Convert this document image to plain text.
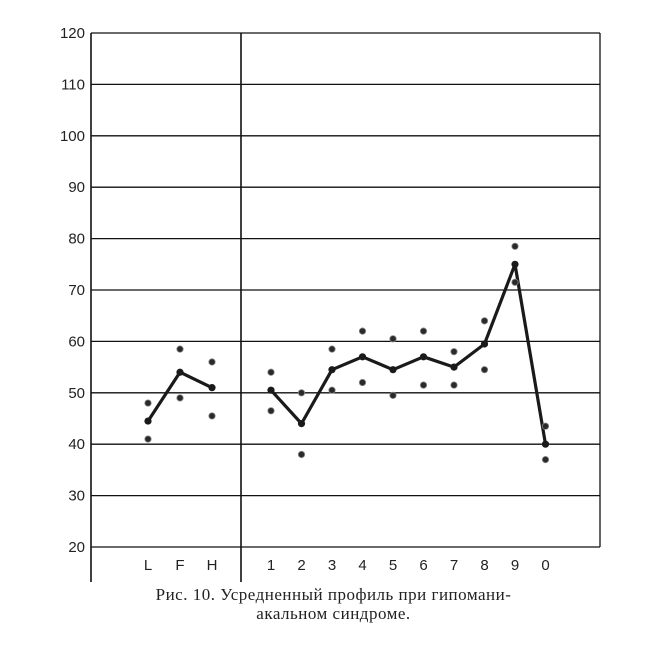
20
30
40
50
60
70
80
90
100
110
120
L F H	1 2 3 4 5 6 7 8 9 0
Рис. 10. Усредненный профиль при гипомани-
акальном синдроме.
